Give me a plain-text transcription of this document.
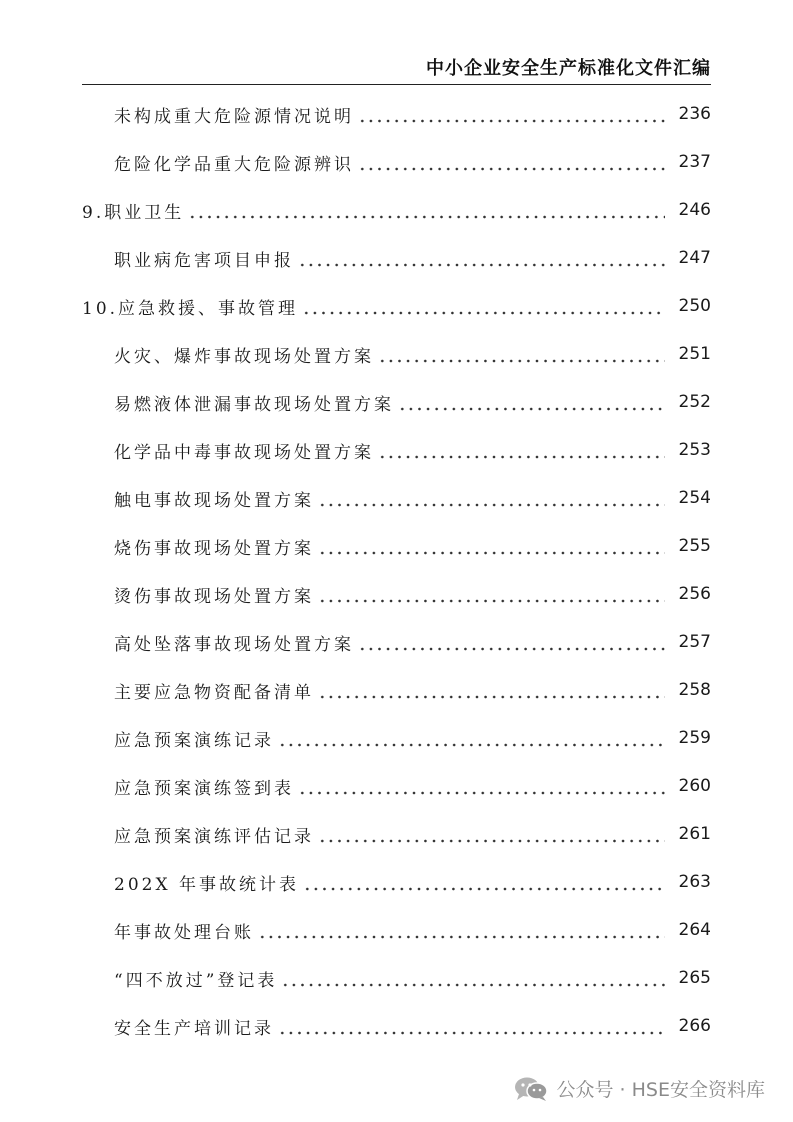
中小企业安全生产标准化文件汇编
未构成重大危险源情况说明	236
危险化学品重大危险源辨识	237
9.职业卫生	246
职业病危害项目申报	247
10.应急救援、事故管理	250
火灾、爆炸事故现场处置方案	251
易燃液体泄漏事故现场处置方案	252
化学品中毒事故现场处置方案	253
触电事故现场处置方案	254
烧伤事故现场处置方案	255
烫伤事故现场处置方案	256
高处坠落事故现场处置方案	257
主要应急物资配备清单	258
应急预案演练记录	259
应急预案演练签到表	260
应急预案演练评估记录	261
202X 年事故统计表	263
年事故处理台账	264
“四不放过”登记表	265
安全生产培训记录	266
公众号 · HSE安全资料库
